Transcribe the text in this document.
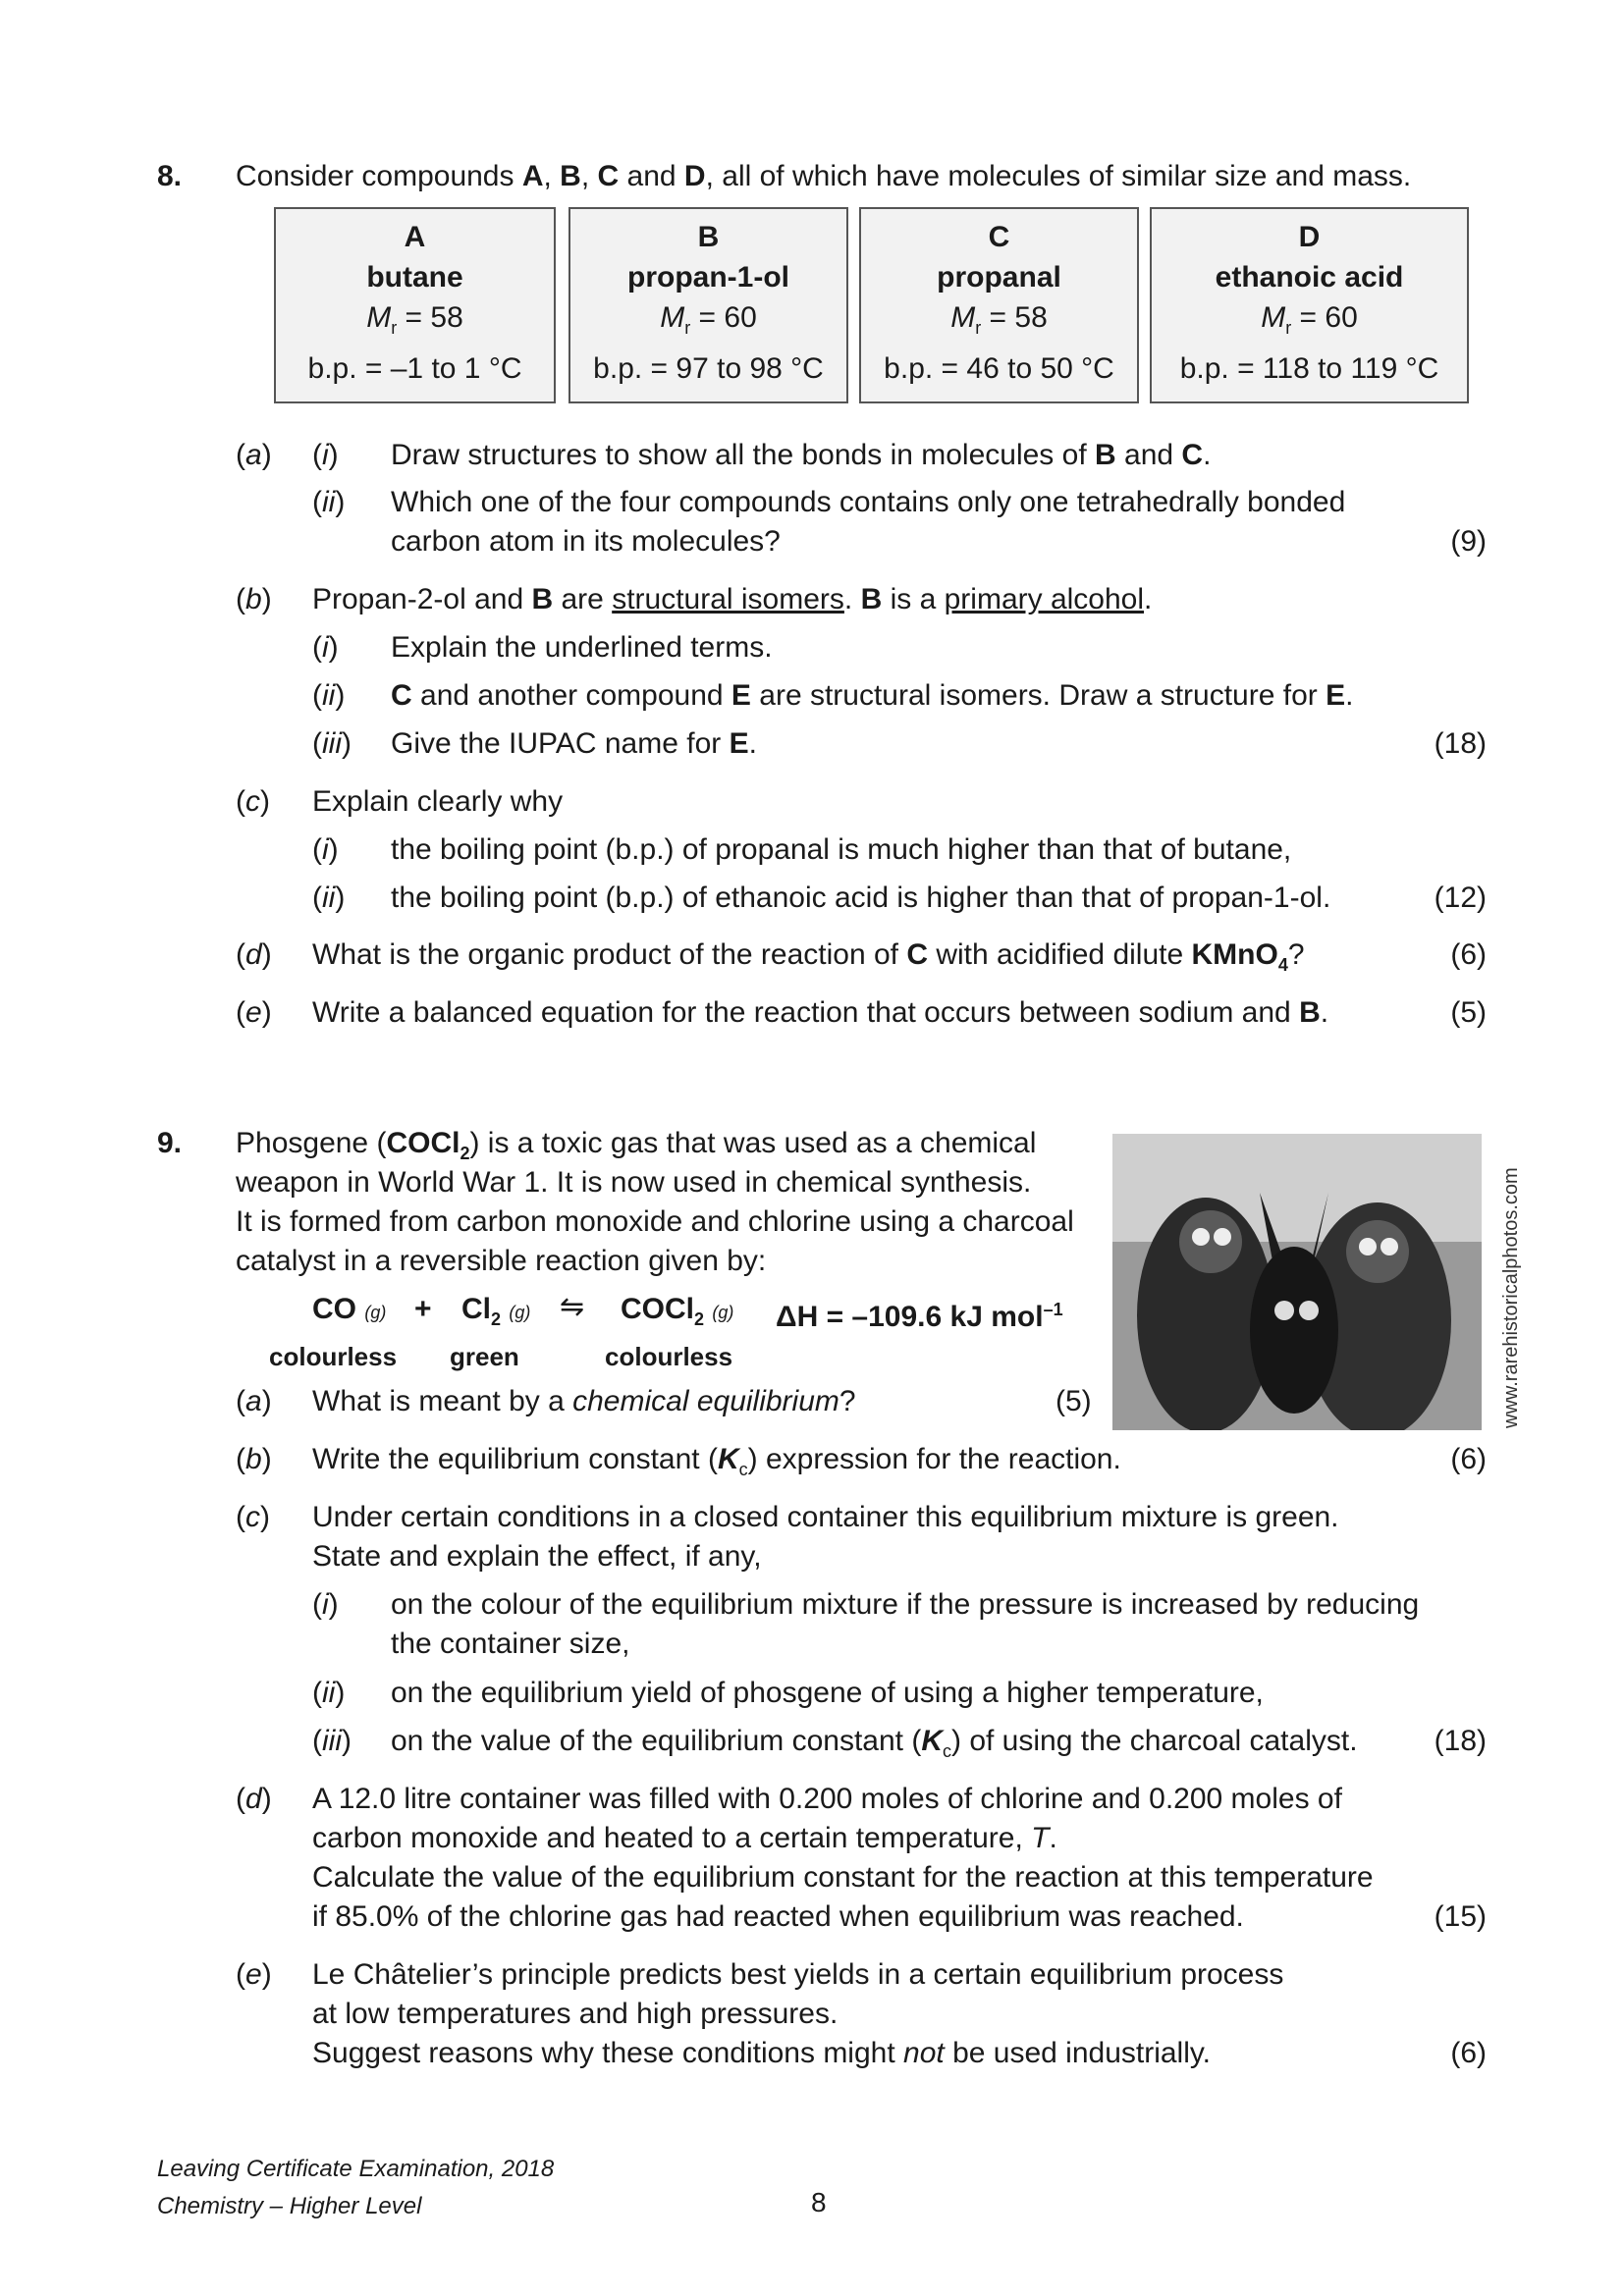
8. Consider compounds A, B, C and D, all of which have molecules of similar size and mass.
A
butane
$M_r = 58$
b.p. = –1 to 1 °C
B
propan-1-ol
$M_r = 60$
b.p. = 97 to 98 °C
C
propanal
$M_r = 58$
b.p. = 46 to 50 °C
D
ethanoic acid
$M_r = 60$
b.p. = 118 to 119 °C
(a) (i) Draw structures to show all the bonds in molecules of B and C.
(ii) Which one of the four compounds contains only one tetrahedrally bonded
carbon atom in its molecules?	(9)
(b) Propan-2-ol and B are structural isomers. B is a primary alcohol.
(i) Explain the underlined terms.
(ii) C and another compound E are structural isomers. Draw a structure for E.
(iii) Give the IUPAC name for E.	(18)
(c) Explain clearly why
(i) the boiling point (b.p.) of propanal is much higher than that of butane,
(ii) the boiling point (b.p.) of ethanoic acid is higher than that of propan-1-ol.	(12)
(d) What is the organic product of the reaction of C with acidified dilute KMnO$_4$?	(6)
(e) Write a balanced equation for the reaction that occurs between sodium and B.	(5)
9. Phosgene (COCl$_2$) is a toxic gas that was used as a chemical
weapon in World War 1. It is now used in chemical synthesis.
It is formed from carbon monoxide and chlorine using a charcoal
catalyst in a reversible reaction given by:
CO $(g) + Cl_2$ (g) ⇋ COCl$_2$ (g) ΔH = –109.6 kJ mol$^{-1}$
colourless green	colourless	www.rarehistoricalphotos.com
(a) What is meant by a chemical equilibrium?	(5)
(b) Write the equilibrium constant $(K_c)$ expression for the reaction.	(6)
(c) Under certain conditions in a closed container this equilibrium mixture is green.
State and explain the effect, if any,
(i) on the colour of the equilibrium mixture if the pressure is increased by reducing
the container size,
(ii) on the equilibrium yield of phosgene of using a higher temperature,
(iii) on the value of the equilibrium constant $(K_c)$ of using the charcoal catalyst.	(18)
(d) A 12.0 litre container was filled with 0.200 moles of chlorine and 0.200 moles of
carbon monoxide and heated to a certain temperature, T.
Calculate the value of the equilibrium constant for the reaction at this temperature
if 85.0% of the chlorine gas had reacted when equilibrium was reached.	(15)
(e) Le Châtelier’s principle predicts best yields in a certain equilibrium process
at low temperatures and high pressures.
Suggest reasons why these conditions might not be used industrially.	(6)
Leaving Certificate Examination, 2018
Chemistry – Higher Level	8
